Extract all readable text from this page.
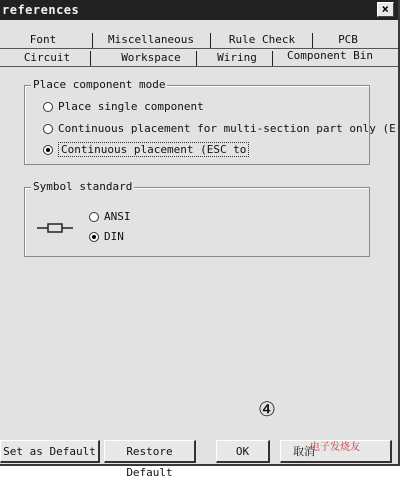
references	×
Font	Miscellaneous	Rule Check	PCB
Circuit	Workspace	Wiring	Component Bin
Place component mode
Place single component
Continuous placement for multi-section part only (E
Continuous placement (ESC to
Symbol standard
ANSI
DIN
④
Set as Default	Restore Default
OK	取消
电子发烧友
